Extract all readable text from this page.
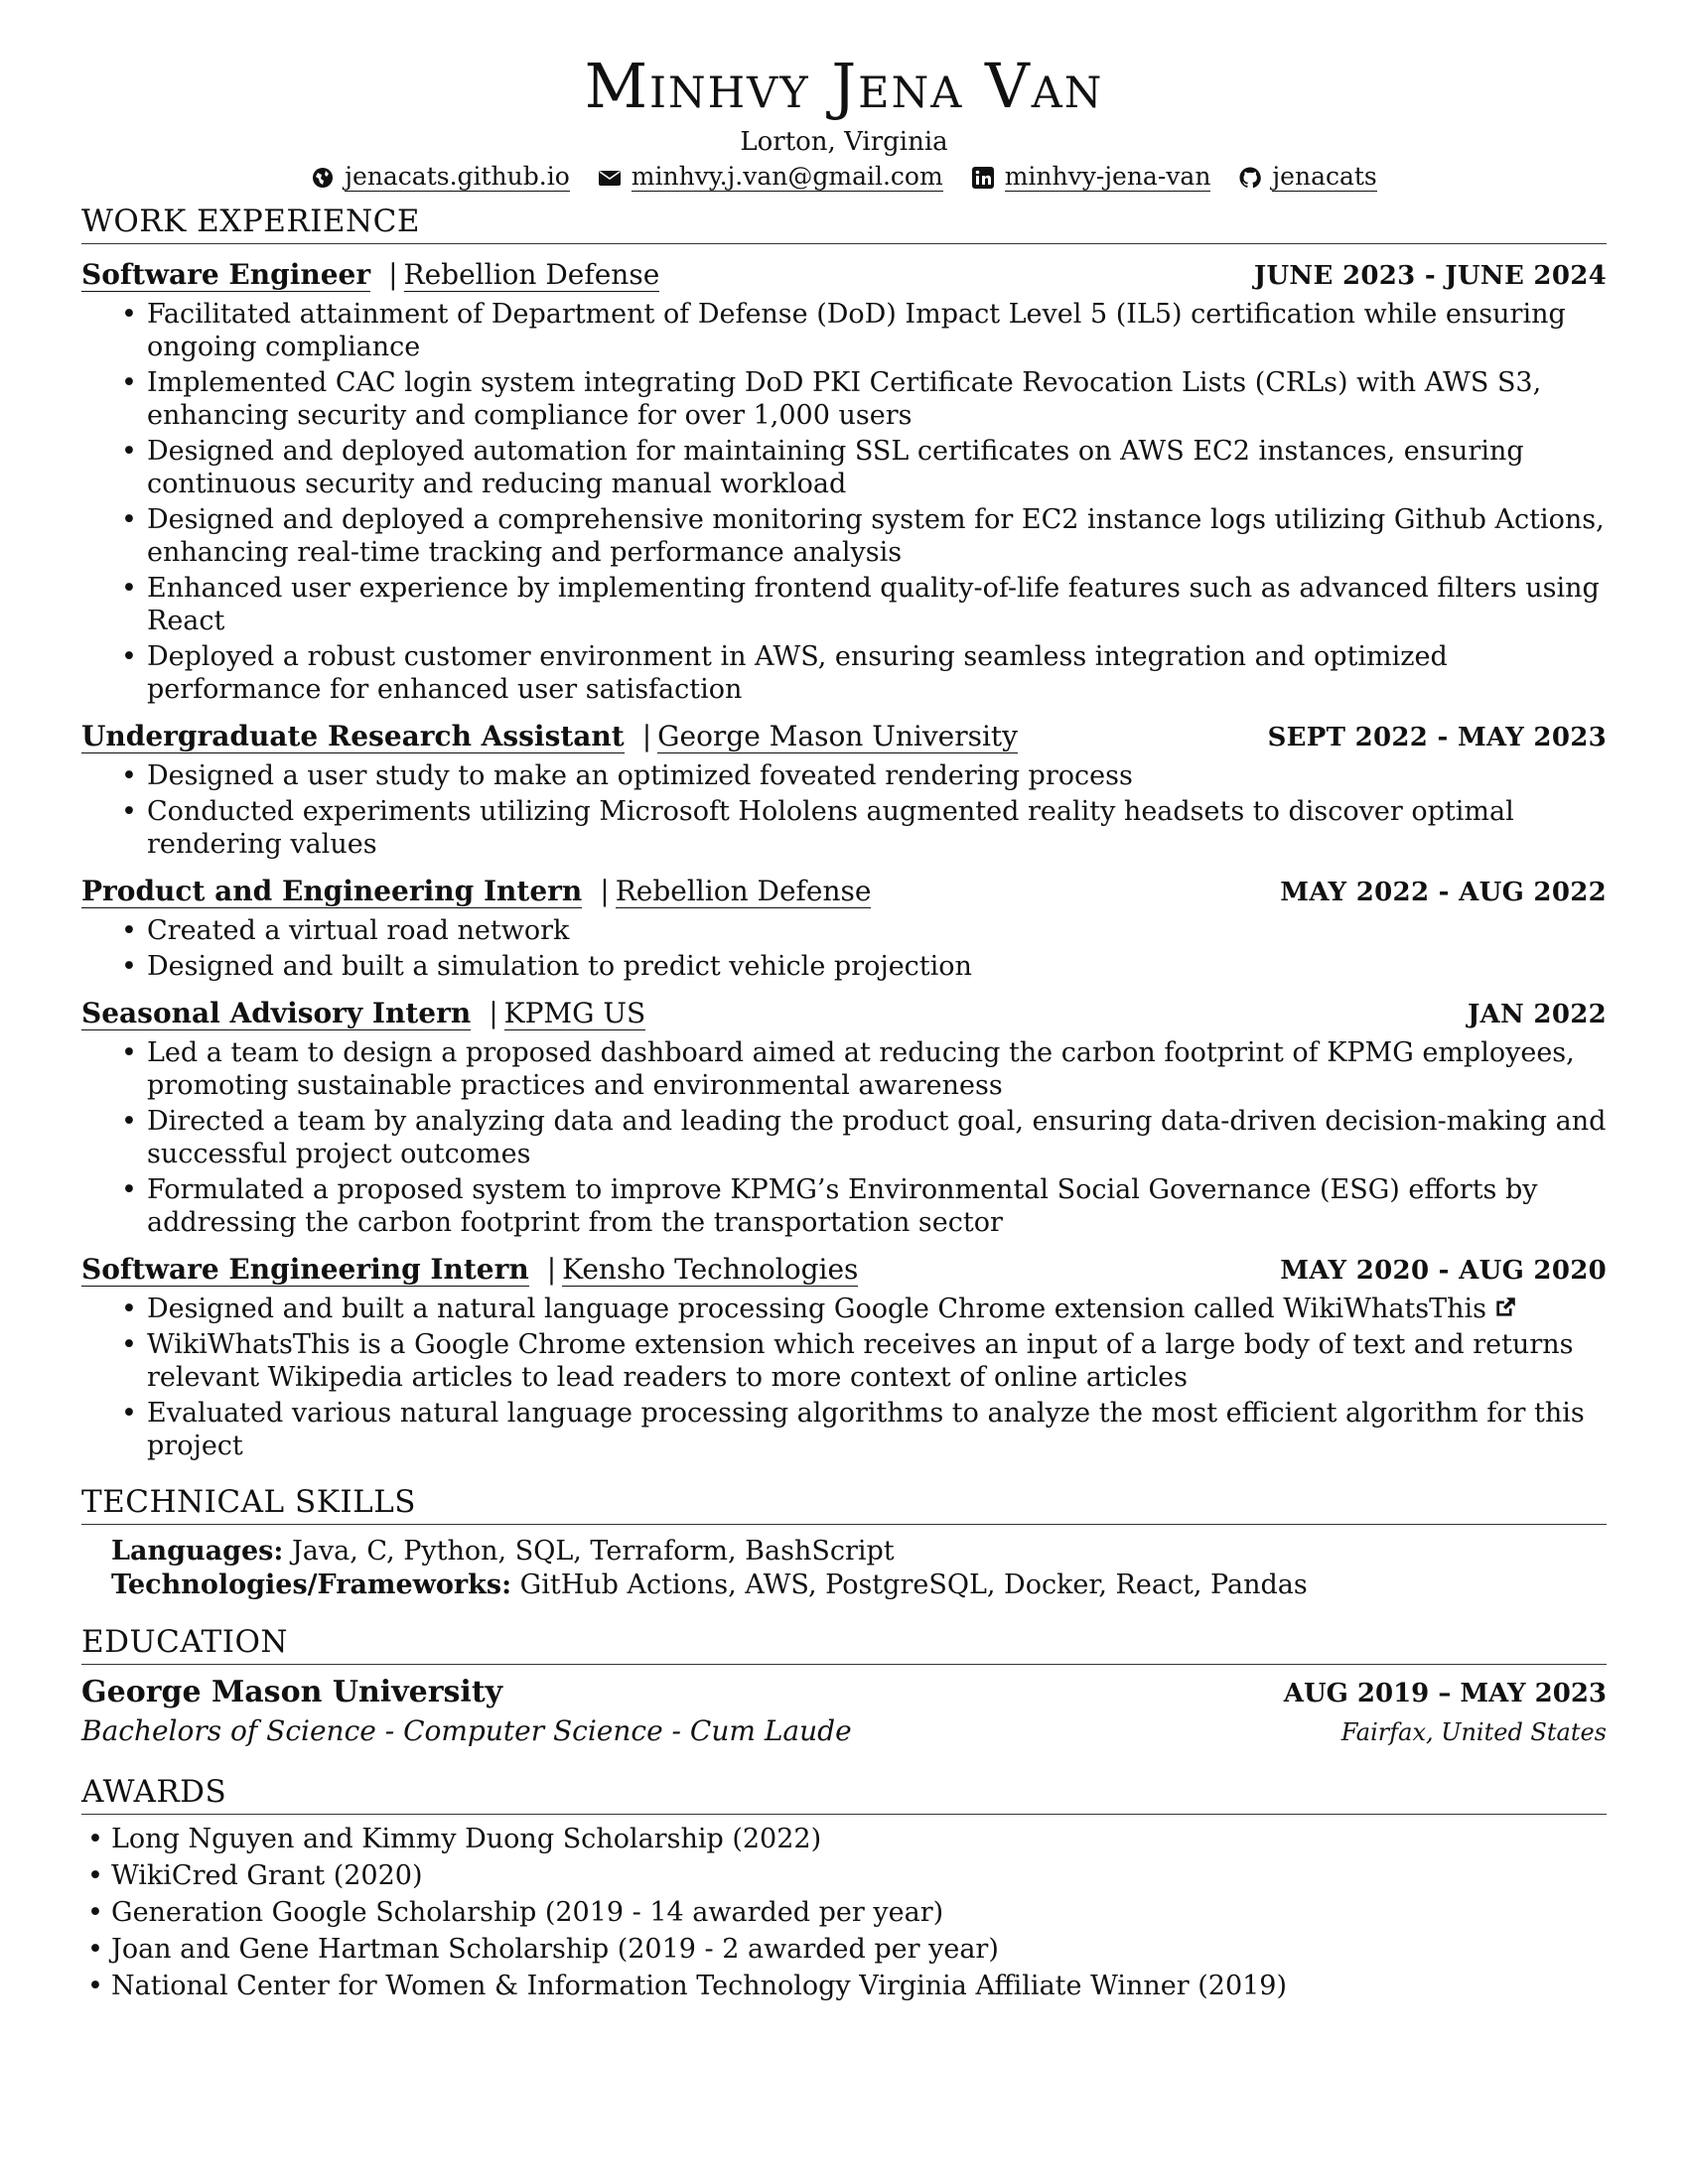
Minhvy Jena Van
Lorton, Virginia
jenacats.github.io minhvy.j.van@gmail.com minhvy-jena-van jenacats
WORK EXPERIENCE
Software Engineer | Rebellion Defense	JUNE 2023 - JUNE 2024
• Facilitated attainment of Department of Defense (DoD) Impact Level 5 (IL5) certification while ensuring ongoing compliance
• Implemented CAC login system integrating DoD PKI Certificate Revocation Lists (CRLs) with AWS S3, enhancing security and compliance for over 1,000 users
• Designed and deployed automation for maintaining SSL certificates on AWS EC2 instances, ensuring continuous security and reducing manual workload
• Designed and deployed a comprehensive monitoring system for EC2 instance logs utilizing Github Actions, enhancing real-time tracking and performance analysis
• Enhanced user experience by implementing frontend quality-of-life features such as advanced filters using React
• Deployed a robust customer environment in AWS, ensuring seamless integration and optimized performance for enhanced user satisfaction
Undergraduate Research Assistant | George Mason University	SEPT 2022 - MAY 2023
• Designed a user study to make an optimized foveated rendering process
• Conducted experiments utilizing Microsoft Hololens augmented reality headsets to discover optimal rendering values
Product and Engineering Intern | Rebellion Defense	MAY 2022 - AUG 2022
• Created a virtual road network
• Designed and built a simulation to predict vehicle projection
Seasonal Advisory Intern | KPMG US	JAN 2022
• Led a team to design a proposed dashboard aimed at reducing the carbon footprint of KPMG employees, promoting sustainable practices and environmental awareness
• Directed a team by analyzing data and leading the product goal, ensuring data-driven decision-making and successful project outcomes
• Formulated a proposed system to improve KPMG’s Environmental Social Governance (ESG) efforts by addressing the carbon footprint from the transportation sector
Software Engineering Intern | Kensho Technologies	MAY 2020 - AUG 2020
• Designed and built a natural language processing Google Chrome extension called WikiWhatsThis
• WikiWhatsThis is a Google Chrome extension which receives an input of a large body of text and returns relevant Wikipedia articles to lead readers to more context of online articles
• Evaluated various natural language processing algorithms to analyze the most efficient algorithm for this project
TECHNICAL SKILLS
Languages: Java, C, Python, SQL, Terraform, BashScript
Technologies/Frameworks: GitHub Actions, AWS, PostgreSQL, Docker, React, Pandas
EDUCATION
George Mason University	AUG 2019 – MAY 2023
Bachelors of Science - Computer Science - Cum Laude	Fairfax, United States
AWARDS
• Long Nguyen and Kimmy Duong Scholarship (2022)
• WikiCred Grant (2020)
• Generation Google Scholarship (2019 - 14 awarded per year)
• Joan and Gene Hartman Scholarship (2019 - 2 awarded per year)
• National Center for Women & Information Technology Virginia Affiliate Winner (2019)
